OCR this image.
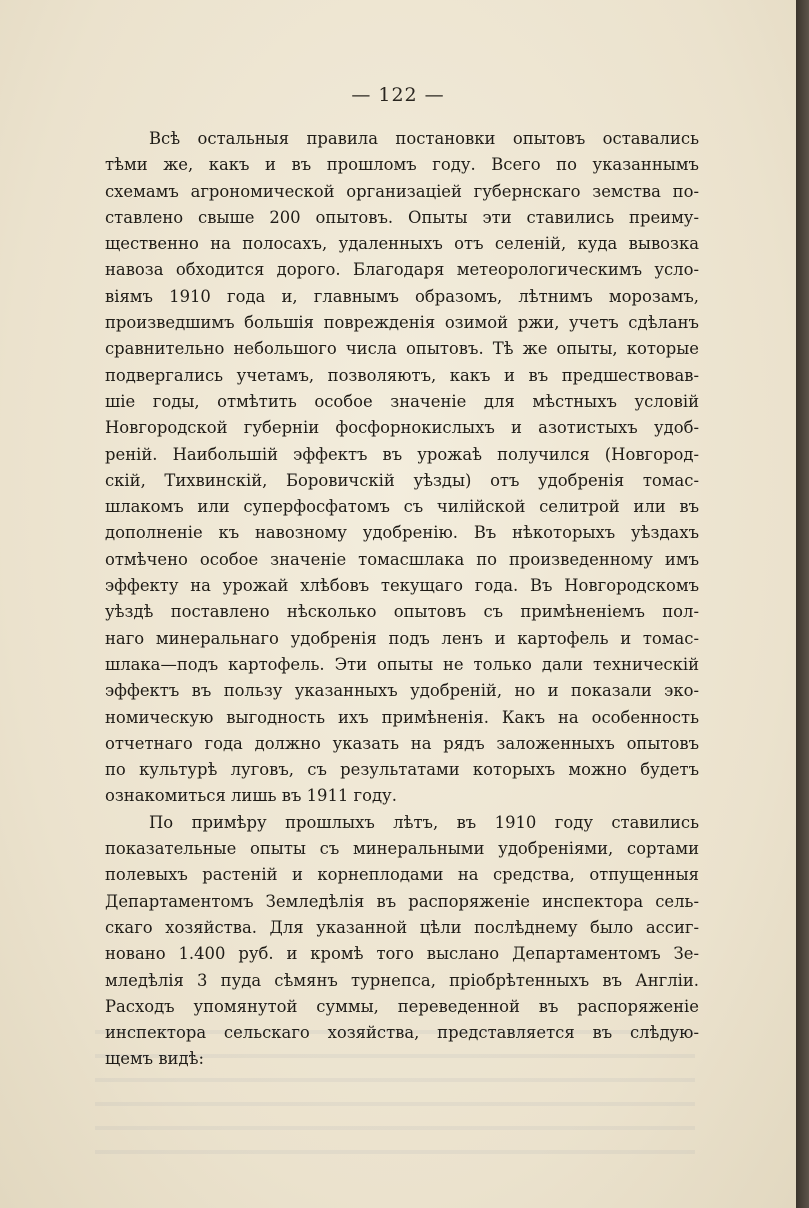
— 122 —
Всѣ остальныя правила постановки опытовъ оставались
тѣми же, какъ и въ прошломъ году. Всего по указаннымъ
схемамъ агрономической организацiей губернскаго земства по-
ставлено свыше 200 опытовъ. Опыты эти ставились преиму-
щественно на полосахъ, удаленныхъ отъ селенiй, куда вывозка
навоза обходится дорого. Благодаря метеорологическимъ усло-
вiямъ 1910 года и, главнымъ образомъ, лѣтнимъ морозамъ,
произведшимъ большiя поврежденiя озимой ржи, учетъ сдѣланъ
сравнительно небольшого числа опытовъ. Тѣ же опыты, которые
подвергались учетамъ, позволяютъ, какъ и въ предшествовав-
шiе годы, отмѣтить особое значенiе для мѣстныхъ условiй
Новгородской губернiи фосфорнокислыхъ и азотистыхъ удоб-
ренiй. Наибольшiй эффектъ въ урожаѣ получился (Новгород-
скiй, Тихвинскiй, Боровичскiй уѣзды) отъ удобренiя томас-
шлакомъ или суперфосфатомъ съ чилiйской селитрой или въ
дополненiе къ навозному удобренiю. Въ нѣкоторыхъ уѣздахъ
отмѣчено особое значенiе томасшлака по произведенному имъ
эффекту на урожай хлѣбовъ текущаго года. Въ Новгородскомъ
уѣздѣ поставлено нѣсколько опытовъ съ примѣненiемъ пол-
наго минеральнаго удобренiя подъ ленъ и картофель и томас-
шлака—подъ картофель. Эти опыты не только дали техническiй
эффектъ въ пользу указанныхъ удобренiй, но и показали эко-
номическую выгодность ихъ примѣненiя. Какъ на особенность
отчетнаго года должно указать на рядъ заложенныхъ опытовъ
по культурѣ луговъ, съ результатами которыхъ можно будетъ
ознакомиться лишь въ 1911 году.
По примѣру прошлыхъ лѣтъ, въ 1910 году ставились
показательные опыты съ минеральными удобренiями, сортами
полевыхъ растенiй и корнеплодами на средства, отпущенныя
Департаментомъ Земледѣлiя въ распоряженiе инспектора сель-
скаго хозяйства. Для указанной цѣли послѣднему было ассиг-
новано 1.400 руб. и кромѣ того выслано Департаментомъ Зе-
мледѣлiя 3 пуда сѣмянъ турнепса, прiобрѣтенныхъ въ Англiи.
Расходъ упомянутой суммы, переведенной въ распоряженiе
инспектора сельскаго хозяйства, представляется въ слѣдую-
щемъ видѣ:
